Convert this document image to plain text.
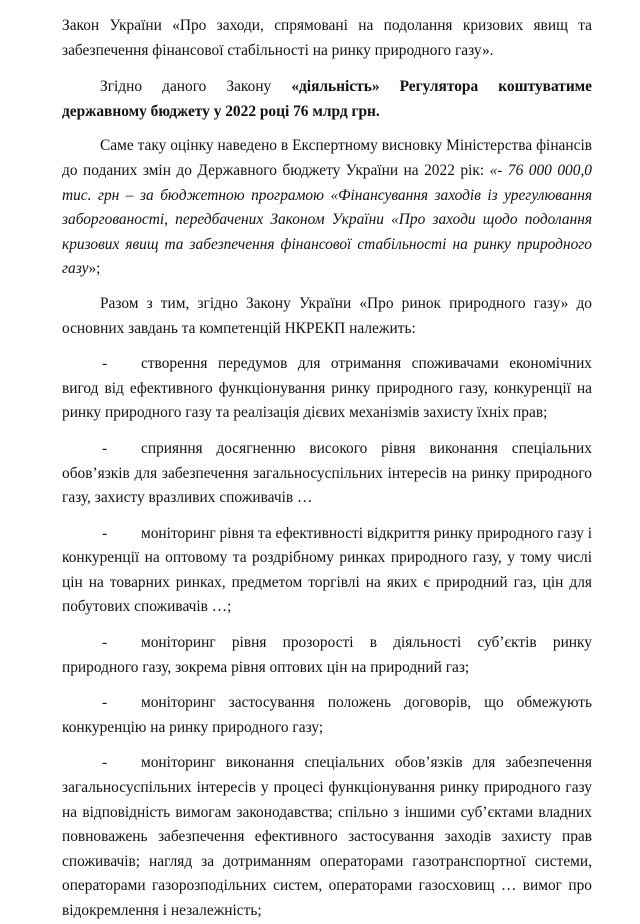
Закон України «Про заходи, спрямовані на подолання кризових явищ та забезпечення фінансової стабільності на ринку природного газу».

Згідно даного Закону «діяльність» Регулятора коштуватиме державному бюджету у 2022 році 76 млрд грн.

Саме таку оцінку наведено в Експертному висновку Міністерства фінансів до поданих змін до Державного бюджету України на 2022 рік: «- 76 000 000,0 тис. грн – за бюджетною програмою «Фінансування заходів із урегулювання заборгованості, передбачених Законом України «Про заходи щодо подолання кризових явищ та забезпечення фінансової стабільності на ринку природного газу»;

Разом з тим, згідно Закону України «Про ринок природного газу» до основних завдань та компетенцій НКРЕКП належить:

- створення передумов для отримання споживачами економічних вигод від ефективного функціонування ринку природного газу, конкуренції на ринку природного газу та реалізація дієвих механізмів захисту їхніх прав;

- сприяння досягненню високого рівня виконання спеціальних обов’язків для забезпечення загальносуспільних інтересів на ринку природного газу, захисту вразливих споживачів …

- моніторинг рівня та ефективності відкриття ринку природного газу і конкуренції на оптовому та роздрібному ринках природного газу, у тому числі цін на товарних ринках, предметом торгівлі на яких є природний газ, цін для побутових споживачів …;

- моніторинг рівня прозорості в діяльності суб’єктів ринку природного газу, зокрема рівня оптових цін на природний газ;

- моніторинг застосування положень договорів, що обмежують конкуренцію на ринку природного газу;

- моніторинг виконання спеціальних обов’язків для забезпечення загальносуспільних інтересів у процесі функціонування ринку природного газу на відповідність вимогам законодавства; спільно з іншими суб’єктами владних повноважень забезпечення ефективного застосування заходів захисту прав споживачів; нагляд за дотриманням операторами газотранспортної системи, операторами газорозподільних систем, операторами газосховищ … вимог про відокремлення і незалежність;
